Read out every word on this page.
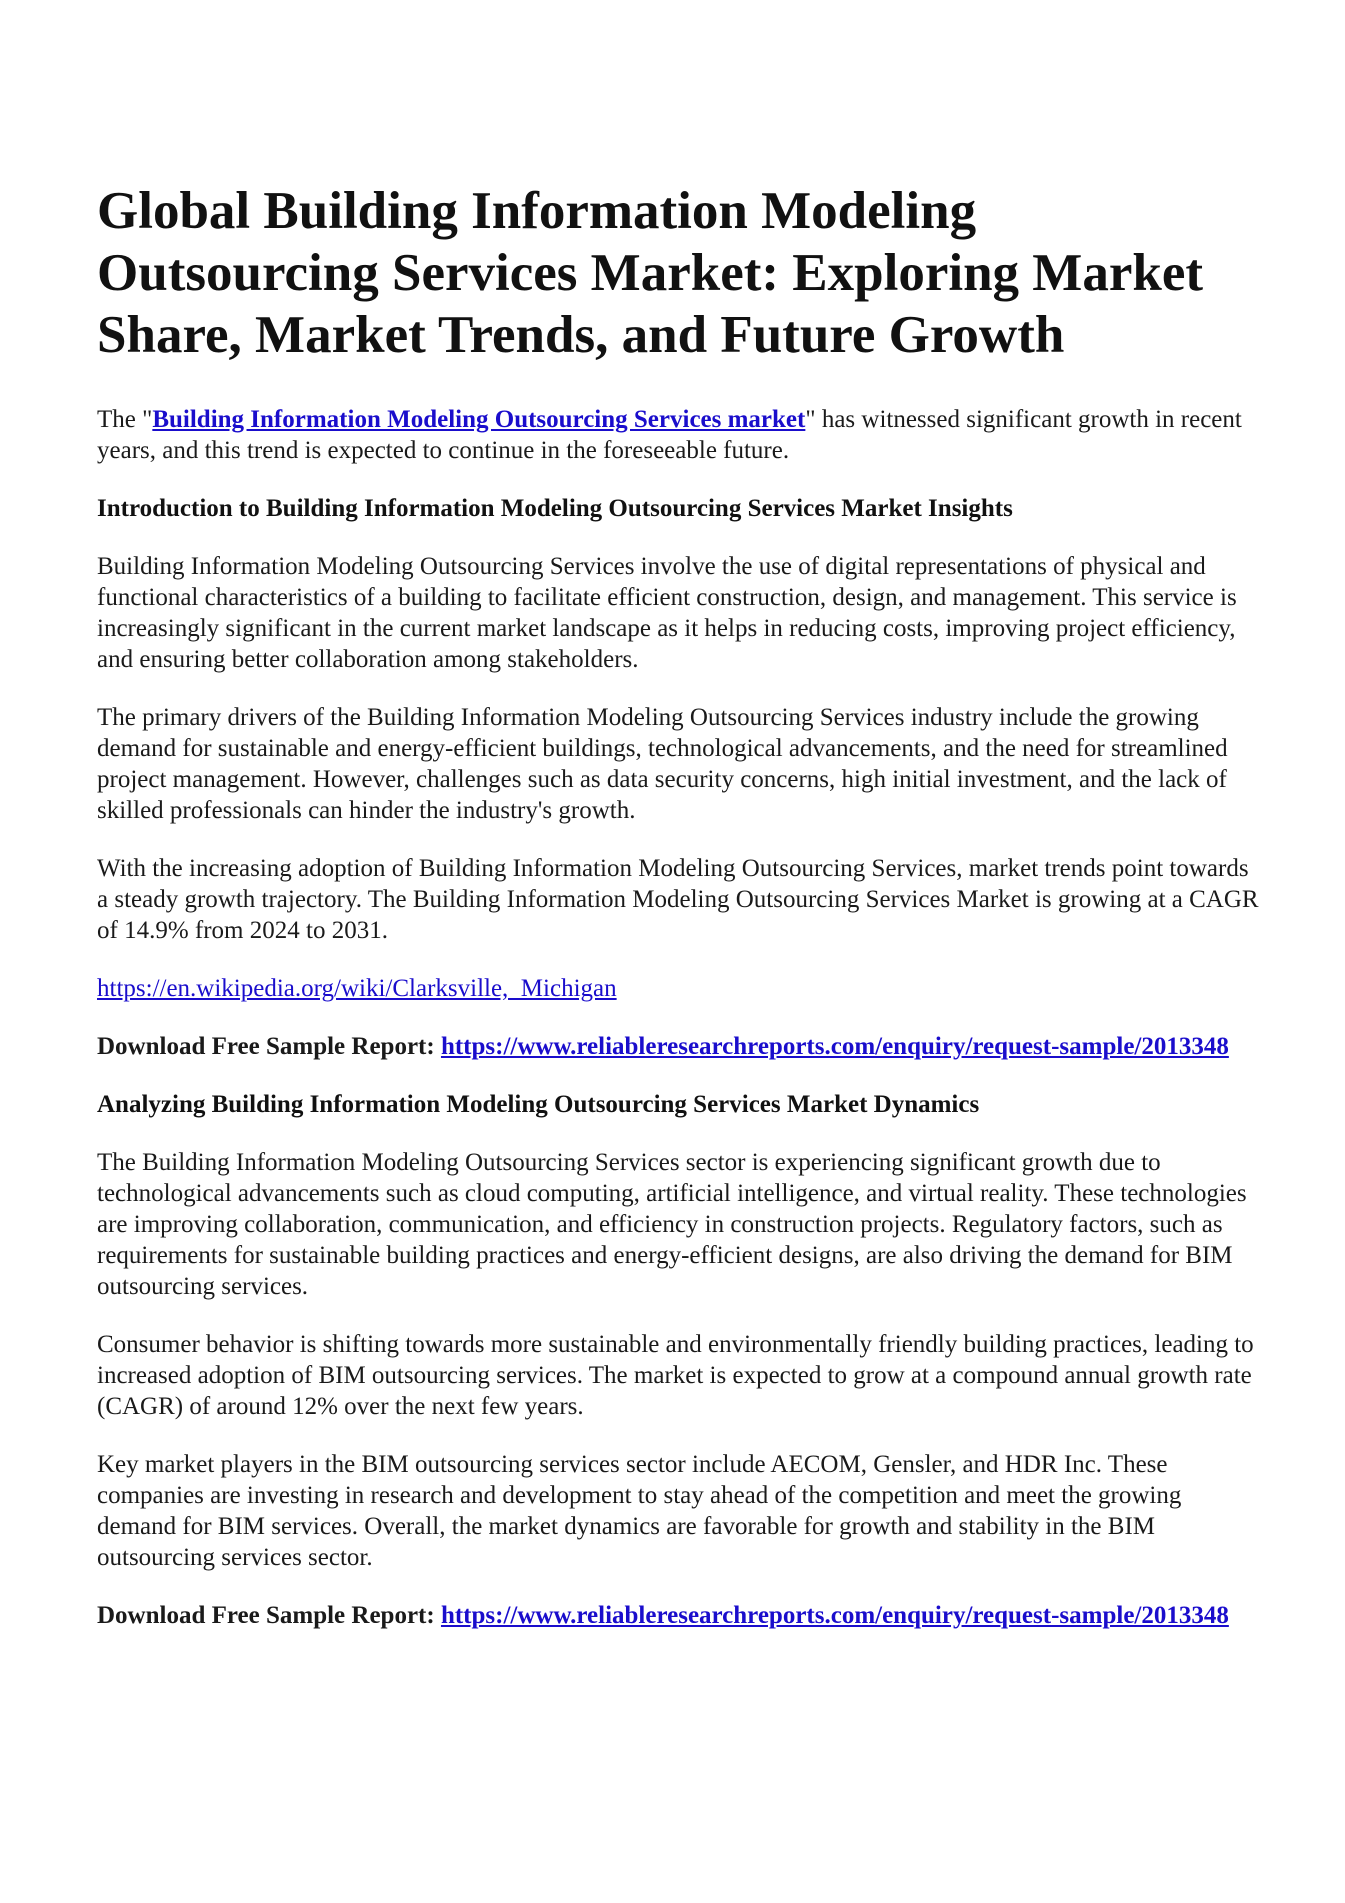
Global Building Information Modeling Outsourcing Services Market: Exploring Market Share, Market Trends, and Future Growth

The "Building Information Modeling Outsourcing Services market" has witnessed significant growth in recent years, and this trend is expected to continue in the foreseeable future.

Introduction to Building Information Modeling Outsourcing Services Market Insights

Building Information Modeling Outsourcing Services involve the use of digital representations of physical and functional characteristics of a building to facilitate efficient construction, design, and management. This service is increasingly significant in the current market landscape as it helps in reducing costs, improving project efficiency, and ensuring better collaboration among stakeholders.

The primary drivers of the Building Information Modeling Outsourcing Services industry include the growing demand for sustainable and energy-efficient buildings, technological advancements, and the need for streamlined project management. However, challenges such as data security concerns, high initial investment, and the lack of skilled professionals can hinder the industry's growth.

With the increasing adoption of Building Information Modeling Outsourcing Services, market trends point towards a steady growth trajectory. The Building Information Modeling Outsourcing Services Market is growing at a CAGR of 14.9% from 2024 to 2031.

https://en.wikipedia.org/wiki/Clarksville,_Michigan

Download Free Sample Report: https://www.reliableresearchreports.com/enquiry/request-sample/2013348

Analyzing Building Information Modeling Outsourcing Services Market Dynamics

The Building Information Modeling Outsourcing Services sector is experiencing significant growth due to technological advancements such as cloud computing, artificial intelligence, and virtual reality. These technologies are improving collaboration, communication, and efficiency in construction projects. Regulatory factors, such as requirements for sustainable building practices and energy-efficient designs, are also driving the demand for BIM outsourcing services.

Consumer behavior is shifting towards more sustainable and environmentally friendly building practices, leading to increased adoption of BIM outsourcing services. The market is expected to grow at a compound annual growth rate (CAGR) of around 12% over the next few years.

Key market players in the BIM outsourcing services sector include AECOM, Gensler, and HDR Inc. These companies are investing in research and development to stay ahead of the competition and meet the growing demand for BIM services. Overall, the market dynamics are favorable for growth and stability in the BIM outsourcing services sector.

Download Free Sample Report: https://www.reliableresearchreports.com/enquiry/request-sample/2013348
